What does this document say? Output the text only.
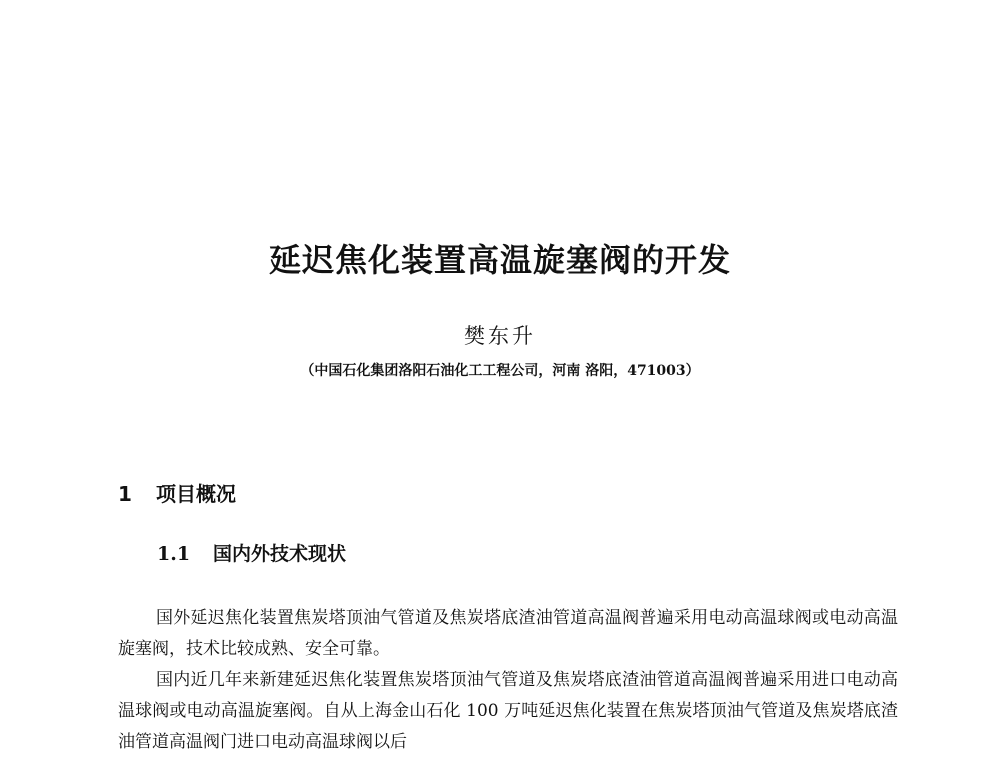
延迟焦化装置高温旋塞阀的开发
樊东升
（中国石化集团洛阳石油化工工程公司，河南 洛阳，471003）
1 项目概况
1.1 国内外技术现状

国外延迟焦化装置焦炭塔顶油气管道及焦炭塔底渣油管道高温阀普遍采用电动高温球阀或电动高温旋塞阀，技术比较成熟、安全可靠。

国内近几年来新建延迟焦化装置焦炭塔顶油气管道及焦炭塔底渣油管道高温阀普遍采用进口电动高温球阀或电动高温旋塞阀。自从上海金山石化 100 万吨延迟焦化装置在焦炭塔顶油气管道及焦炭塔底渣油管道高温阀门进口电动高温球阀以后
